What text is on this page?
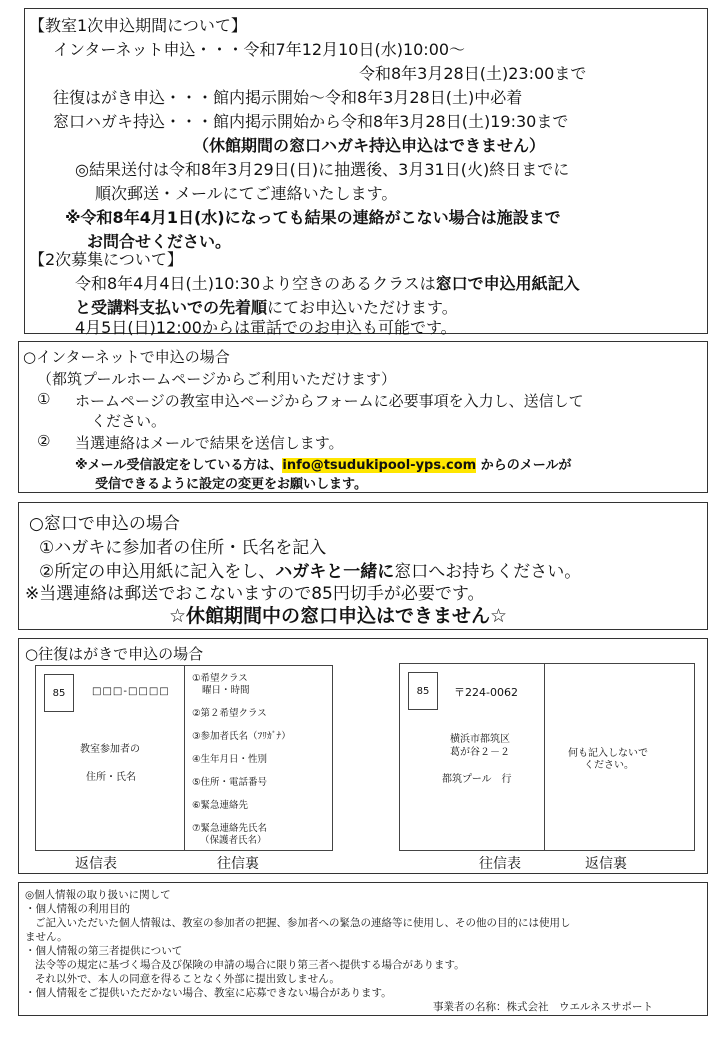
【教室1次申込期間について】
インターネット申込・・・令和7年12月10日(水)10:00～
令和8年3月28日(土)23:00まで
往復はがき申込・・・館内掲示開始～令和8年3月28日(土)中必着
窓口ハガキ持込・・・館内掲示開始から令和8年3月28日(土)19:30まで
（休館期間の窓口ハガキ持込申込はできません）
◎結果送付は令和8年3月29日(日)に抽選後、3月31日(火)終日までに
順次郵送・メールにてご連絡いたします。
※令和8年4月1日(水)になっても結果の連絡がこない場合は施設まで
お問合せください。
【2次募集について】
令和8年4月4日(土)10:30より空きのあるクラスは窓口で申込用紙記入
と受講料支払いでの先着順にてお申込いただけます。
4月5日(日)12:00からは電話でのお申込も可能です。
○インターネットで申込の場合
（都筑プールホームページからご利用いただけます）
① ホームページの教室申込ページからフォームに必要事項を入力し、送信して
ください。
② 当選連絡はメールで結果を送信します。
※メール受信設定をしている方は、info@tsudukipool-yps.com からのメールが
受信できるように設定の変更をお願いします。
○窓口で申込の場合
①ハガキに参加者の住所・氏名を記入
②所定の申込用紙に記入をし、ハガキと一緒に窓口へお持ちください。
※当選連絡は郵送でおこないますので85円切手が必要です。
☆休館期間中の窓口申込はできません☆
○往復はがきで申込の場合
85	□□□-□□□□
教室参加者の
住所・氏名
①希望クラス
曜日・時間
②第２希望クラス
③参加者氏名（ﾌﾘｶﾞﾅ）
④生年月日・性別
⑤住所・電話番号
⑥緊急連絡先
⑦緊急連絡先氏名
（保護者氏名）
返信表	往信裏
85 〒224-0062
横浜市都筑区
葛が谷２－２
都筑プール　行
何も記入しないで
ください。
往信表	返信裏
◎個人情報の取り扱いに関して
・個人情報の利用目的
ご記入いただいた個人情報は、教室の参加者の把握、参加者への緊急の連絡等に使用し、その他の目的には使用し
ません。
・個人情報の第三者提供について
法令等の規定に基づく場合及び保険の申請の場合に限り第三者へ提供する場合があります。
それ以外で、本人の同意を得ることなく外部に提出致しません。
・個人情報をご提供いただかない場合、教室に応募できない場合があります。
事業者の名称：株式会社　ウエルネスサポート
